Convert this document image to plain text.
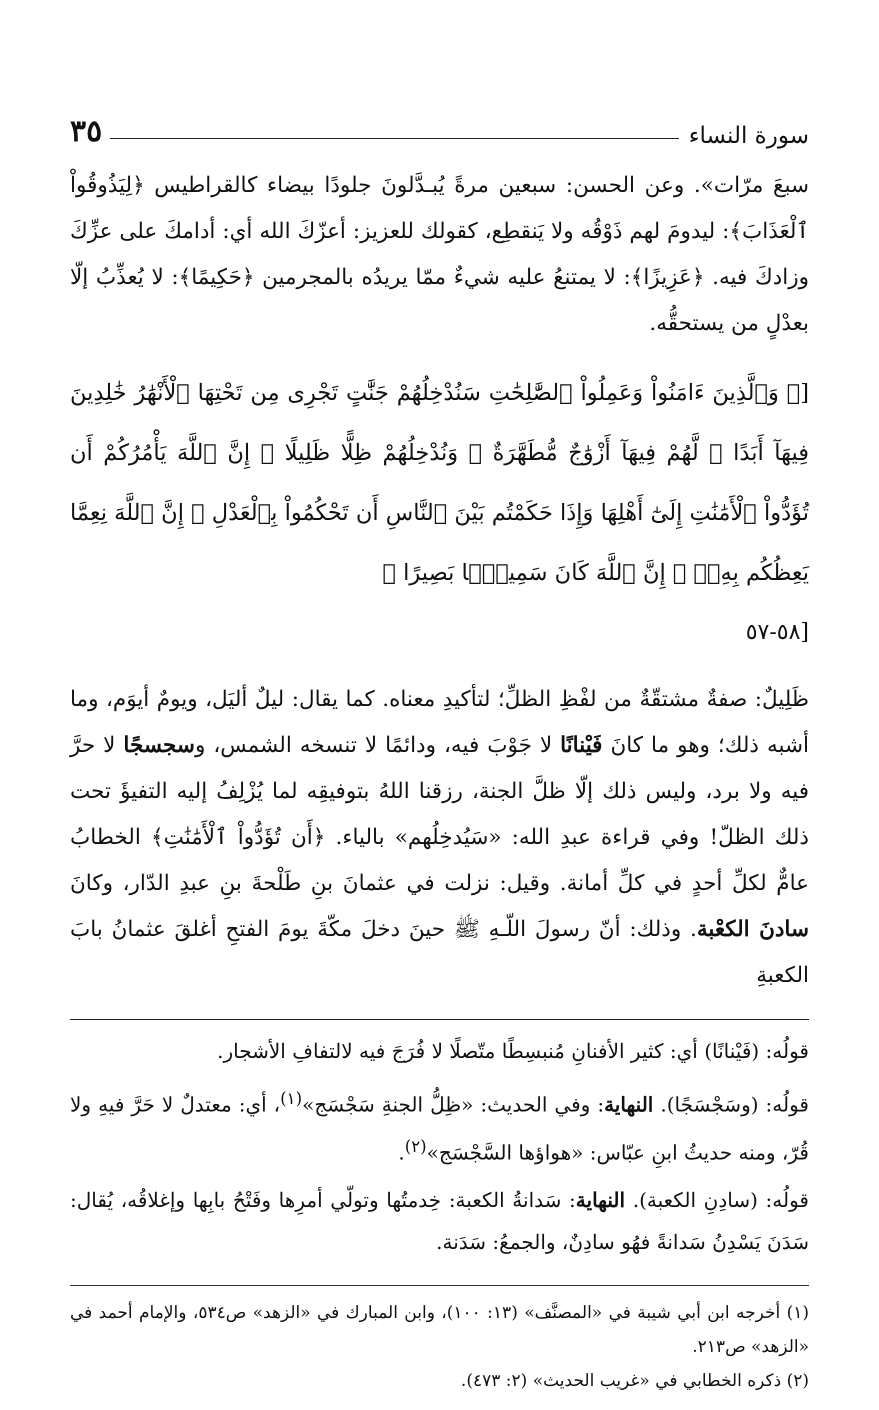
سورة النساء
٣٥

سبعَ مرّات». وعن الحسن: سبعين مرةً يُبـدَّلونَ جلودًا بيضاء كالقراطيس ﴿لِيَذُوقُواْ ٱلْعَذَابَ﴾: ليدومَ لهم ذَوْقُه ولا يَنقطِع، كقولك للعزيز: أعزّكَ الله أي: أدامكَ على عزِّكَ وزادكَ فيه. ﴿عَزِيزًا﴾: لا يمتنعُ عليه شيءٌ ممّا يريدُه بالمجرمين ﴿حَكِيمًا﴾: لا يُعذِّبُ إلّا بعدْلٍ من يستحقُّه.

[﴿ وَٱلَّذِينَ ءَامَنُواْ وَعَمِلُواْ ٱلصَّٰلِحَٰتِ سَنُدْخِلُهُمْ جَنَّٰتٍ تَجْرِى مِن تَحْتِهَا ٱلْأَنْهَٰرُ خَٰلِدِينَ فِيهَآ أَبَدًا ۖ لَّهُمْ فِيهَآ أَزْوَٰجٌ مُّطَهَّرَةٌ ۖ وَنُدْخِلُهُمْ ظِلًّا ظَلِيلًا ۞ إِنَّ ٱللَّهَ يَأْمُرُكُمْ أَن تُؤَدُّواْ ٱلْأَمَٰنَٰتِ إِلَىٰٓ أَهْلِهَا وَإِذَا حَكَمْتُم بَيْنَ ٱلنَّاسِ أَن تَحْكُمُواْ بِٱلْعَدْلِ ۚ إِنَّ ٱللَّهَ نِعِمَّا يَعِظُكُم بِهِۦٓ ۗ إِنَّ ٱللَّهَ كَانَ سَمِيعًۢا بَصِيرًا ﴾
[٥٨-٥٧

ظَلِيلٌ: صفةٌ مشتقّةٌ من لفْظِ الظلِّ؛ لتأكيدِ معناه. كما يقال: ليلٌ أليَل، ويومٌ أيوَم، وما أشبه ذلك؛ وهو ما كانَ فَيْنانًا لا جَوْبَ فيه، ودائمًا لا تنسخه الشمس، وسجسجًا لا حرَّ فيه ولا برد، وليس ذلك إلّا ظلَّ الجنة، رزقنا اللهُ بتوفيقِه لما يُزْلِفُ إليه التفيؤَ تحت ذلك الظلّ! وفي قراءة عبدِ الله: «سَيُدخِلُهم» بالياء. ﴿أَن تُؤَدُّواْ ٱلْأَمَٰنَٰتِ﴾ الخطابُ عامٌّ لكلِّ أحدٍ في كلِّ أمانة. وقيل: نزلت في عثمانَ بنِ طَلْحةَ بنِ عبدِ الدّار، وكانَ سادنَ الكعْبة. وذلك: أنّ رسولَ اللّـهِ ﷺ حينَ دخلَ مكّةَ يومَ الفتحِ أغلقَ عثمانُ بابَ الكعبةِ

قولُه: (فَيْنانًا) أي: كثير الأفنانِ مُنبسِطًا متّصلًا لا فُرَجَ فيه لالتفافِ الأشجار.

قولُه: (وسَجْسَجًا). النهاية: وفي الحديث: «ظِلُّ الجنةِ سَجْسَج»$^{(١)}$، أي: معتدلٌ لا حَرَّ فيهِ ولا قُرّ، ومنه حديثُ ابنِ عبّاس: «هواؤها السَّجْسَج»$^{(٢)}$.

قولُه: (سادِنِ الكعبة). النهاية: سَدانةُ الكعبة: خِدمتُها وتولّي أمرِها وفَتْحُ بابِها وإغلاقُه، يُقال: سَدَنَ يَسْدِنُ سَدانةً فهُو سادِنٌ، والجمعُ: سَدَنة.

(١) أخرجه ابن أبي شيبة في «المصنَّف» (١٣: ١٠٠)، وابن المبارك في «الزهد» ص٥٣٤، والإمام أحمد في «الزهد» ص٢١٣.

(٢) ذكره الخطابي في «غريب الحديث» (٢: ٤٧٣).
